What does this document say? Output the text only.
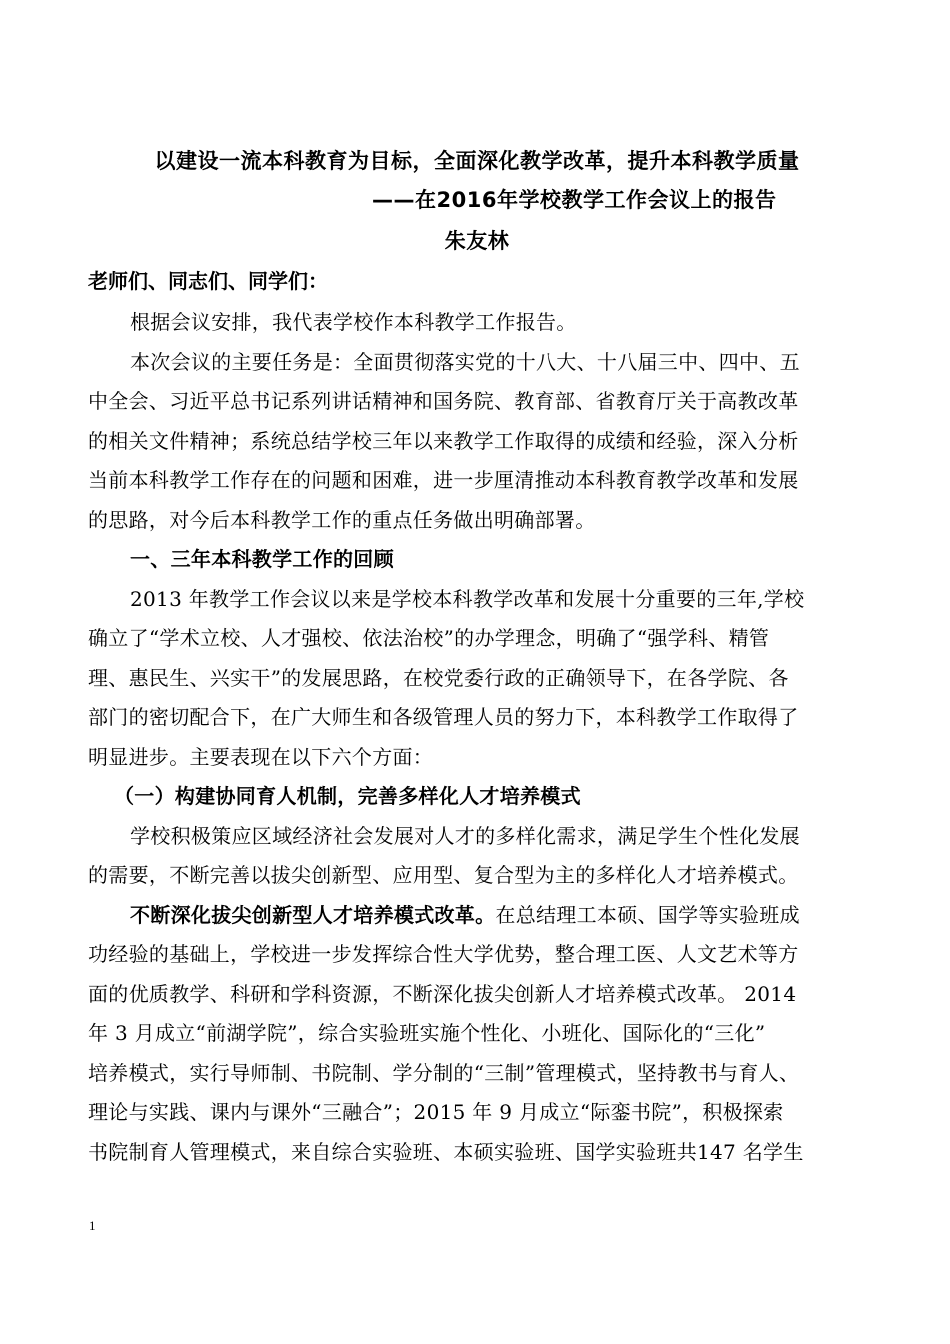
以建设一流本科教育为目标，全面深化教学改革，提升本科教学质量
——在2016年学校教学工作会议上的报告
朱友林
老师们、同志们、同学们：
根据会议安排，我代表学校作本科教学工作报告。
本次会议的主要任务是：全面贯彻落实党的十八大、十八届三中、四中、五
中全会、习近平总书记系列讲话精神和国务院、教育部、省教育厅关于高教改革
的相关文件精神；系统总结学校三年以来教学工作取得的成绩和经验，深入分析
当前本科教学工作存在的问题和困难，进一步厘清推动本科教育教学改革和发展
的思路，对今后本科教学工作的重点任务做出明确部署。
一、三年本科教学工作的回顾
2013 年教学工作会议以来是学校本科教学改革和发展十分重要的三年,学校
确立了“学术立校、人才强校、依法治校”的办学理念，明确了“强学科、精管
理、惠民生、兴实干”的发展思路，在校党委行政的正确领导下，在各学院、各
部门的密切配合下，在广大师生和各级管理人员的努力下，本科教学工作取得了
明显进步。主要表现在以下六个方面：
（一）构建协同育人机制，完善多样化人才培养模式
学校积极策应区域经济社会发展对人才的多样化需求，满足学生个性化发展
的需要，不断完善以拔尖创新型、应用型、复合型为主的多样化人才培养模式。
不断深化拔尖创新型人才培养模式改革。在总结理工本硕、国学等实验班成
功经验的基础上，学校进一步发挥综合性大学优势，整合理工医、人文艺术等方
面的优质教学、科研和学科资源，不断深化拔尖创新人才培养模式改革。 2014
年 3 月成立“前湖学院”，综合实验班实施个性化、小班化、国际化的“三化”
培养模式，实行导师制、书院制、学分制的“三制”管理模式，坚持教书与育人、
理论与实践、课内与课外“三融合”；2015 年 9 月成立“际銮书院”，积极探索
书院制育人管理模式，来自综合实验班、本硕实验班、国学实验班共147 名学生
1
